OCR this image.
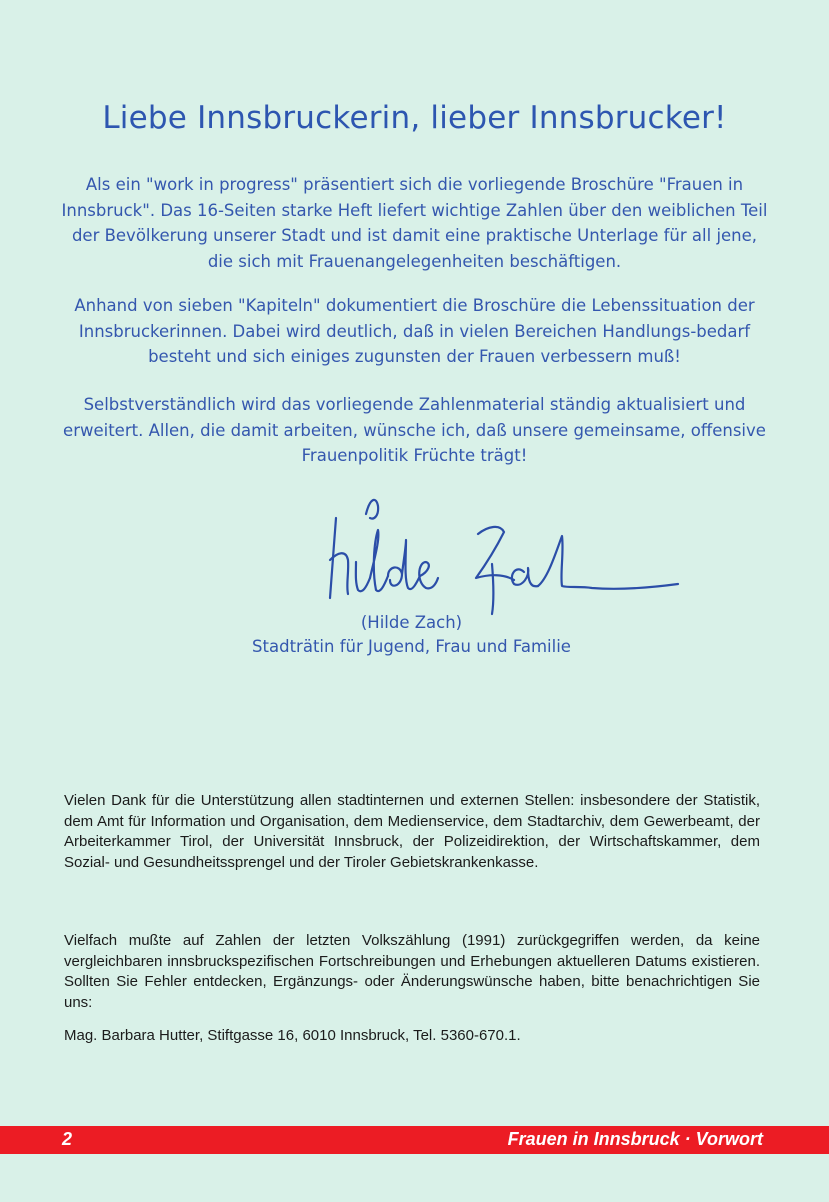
Liebe Innsbruckerin, lieber Innsbrucker!

Als ein "work in progress" präsentiert sich die vorliegende Broschüre "Frauen in Innsbruck". Das 16-Seiten starke Heft liefert wichtige Zahlen über den weiblichen Teil der Bevölkerung unserer Stadt und ist damit eine praktische Unterlage für all jene, die sich mit Frauenangelegenheiten beschäftigen.

Anhand von sieben "Kapiteln" dokumentiert die Broschüre die Lebenssituation der Innsbruckerinnen. Dabei wird deutlich, daß in vielen Bereichen Handlungs-bedarf besteht und sich einiges zugunsten der Frauen verbessern muß!

Selbstverständlich wird das vorliegende Zahlenmaterial ständig aktualisiert und erweitert. Allen, die damit arbeiten, wünsche ich, daß unsere gemeinsame, offensive Frauenpolitik Früchte trägt!

(Hilde Zach)
Stadträtin für Jugend, Frau und Familie

Vielen Dank für die Unterstützung allen stadtinternen und externen Stellen: insbesondere der Statistik, dem Amt für Information und Organisation, dem Medienservice, dem Stadtarchiv, dem Gewerbeamt, der Arbeiterkammer Tirol, der Universität Innsbruck, der Polizeidirektion, der Wirtschaftskammer, dem Sozial- und Gesundheitssprengel und der Tiroler Gebietskrankenkasse.

Vielfach mußte auf Zahlen der letzten Volkszählung (1991) zurückgegriffen werden, da keine vergleichbaren innsbruckspezifischen Fortschreibungen und Erhebungen aktuelleren Datums existieren. Sollten Sie Fehler entdecken, Ergänzungs- oder Änderungswünsche haben, bitte benachrichtigen Sie uns:

Mag. Barbara Hutter, Stiftgasse 16, 6010 Innsbruck, Tel. 5360-670.1.

2	Frauen in Innsbruck · Vorwort
